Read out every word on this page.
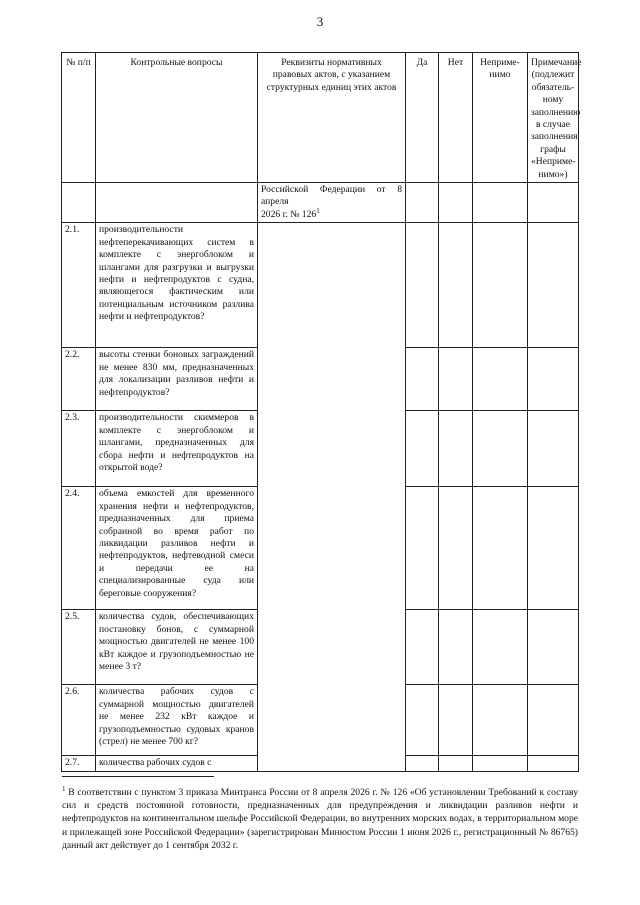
3
№ п/п	Контрольные вопросы	Реквизиты нормативных правовых актов, с указанием структурных единиц этих актов	Да	Нет	Неприме-нимо	Примечание (подлежит обязатель-ному заполнению в случае заполнения графы «Неприме-нимо»)
		Российской Федерации от 8 апреля
2026 г. № $126^1$				
2.1.	производительности нефтеперекачивающих систем в комплекте с энергоблоком и шлангами для разгрузки и выгрузки нефти и нефтепродуктов с судна, являющегося фактическим или потенциальным источником разлива нефти и нефтепродуктов?					
2.2.	высоты стенки боновых заграждений не менее 830 мм, предназначенных для локализации разливов нефти и нефтепродуктов?					
2.3.	производительности скиммеров в комплекте с энергоблоком и шлангами, предназначенных для сбора нефти и нефтепродуктов на открытой воде?					
2.4.	объема емкостей для временного хранения нефти и нефтепродуктов, предназначенных для приема собранной во время работ по ликвидации разливов нефти и нефтепродуктов, нефтеводной смеси и передачи ее на специализированные суда или береговые сооружения?					
2.5.	количества судов, обеспечивающих постановку бонов, с суммарной мощностью двигателей не менее 100 кВт каждое и грузоподъемностью не менее 3 т?					
2.6.	количества рабочих судов с суммарной мощностью двигателей не менее 232 кВт каждое и грузоподъемностью судовых кранов (стрел) не менее 700 кг?					
2.7.	количества рабочих судов с					
$^1$ В соответствии с пунктом 3 приказа Минтранса России от 8 апреля 2026 г. № 126 «Об установлении Требований к составу сил и средств постоянной готовности, предназначенных для предупреждения и ликвидации разливов нефти и нефтепродуктов на континентальном шельфе Российской Федерации, во внутренних морских водах, в территориальном море и прилежащей зоне Российской Федерации» (зарегистрирован Минюстом России 1 июня 2026 г., регистрационный № 86765) данный акт действует до 1 сентября 2032 г.
